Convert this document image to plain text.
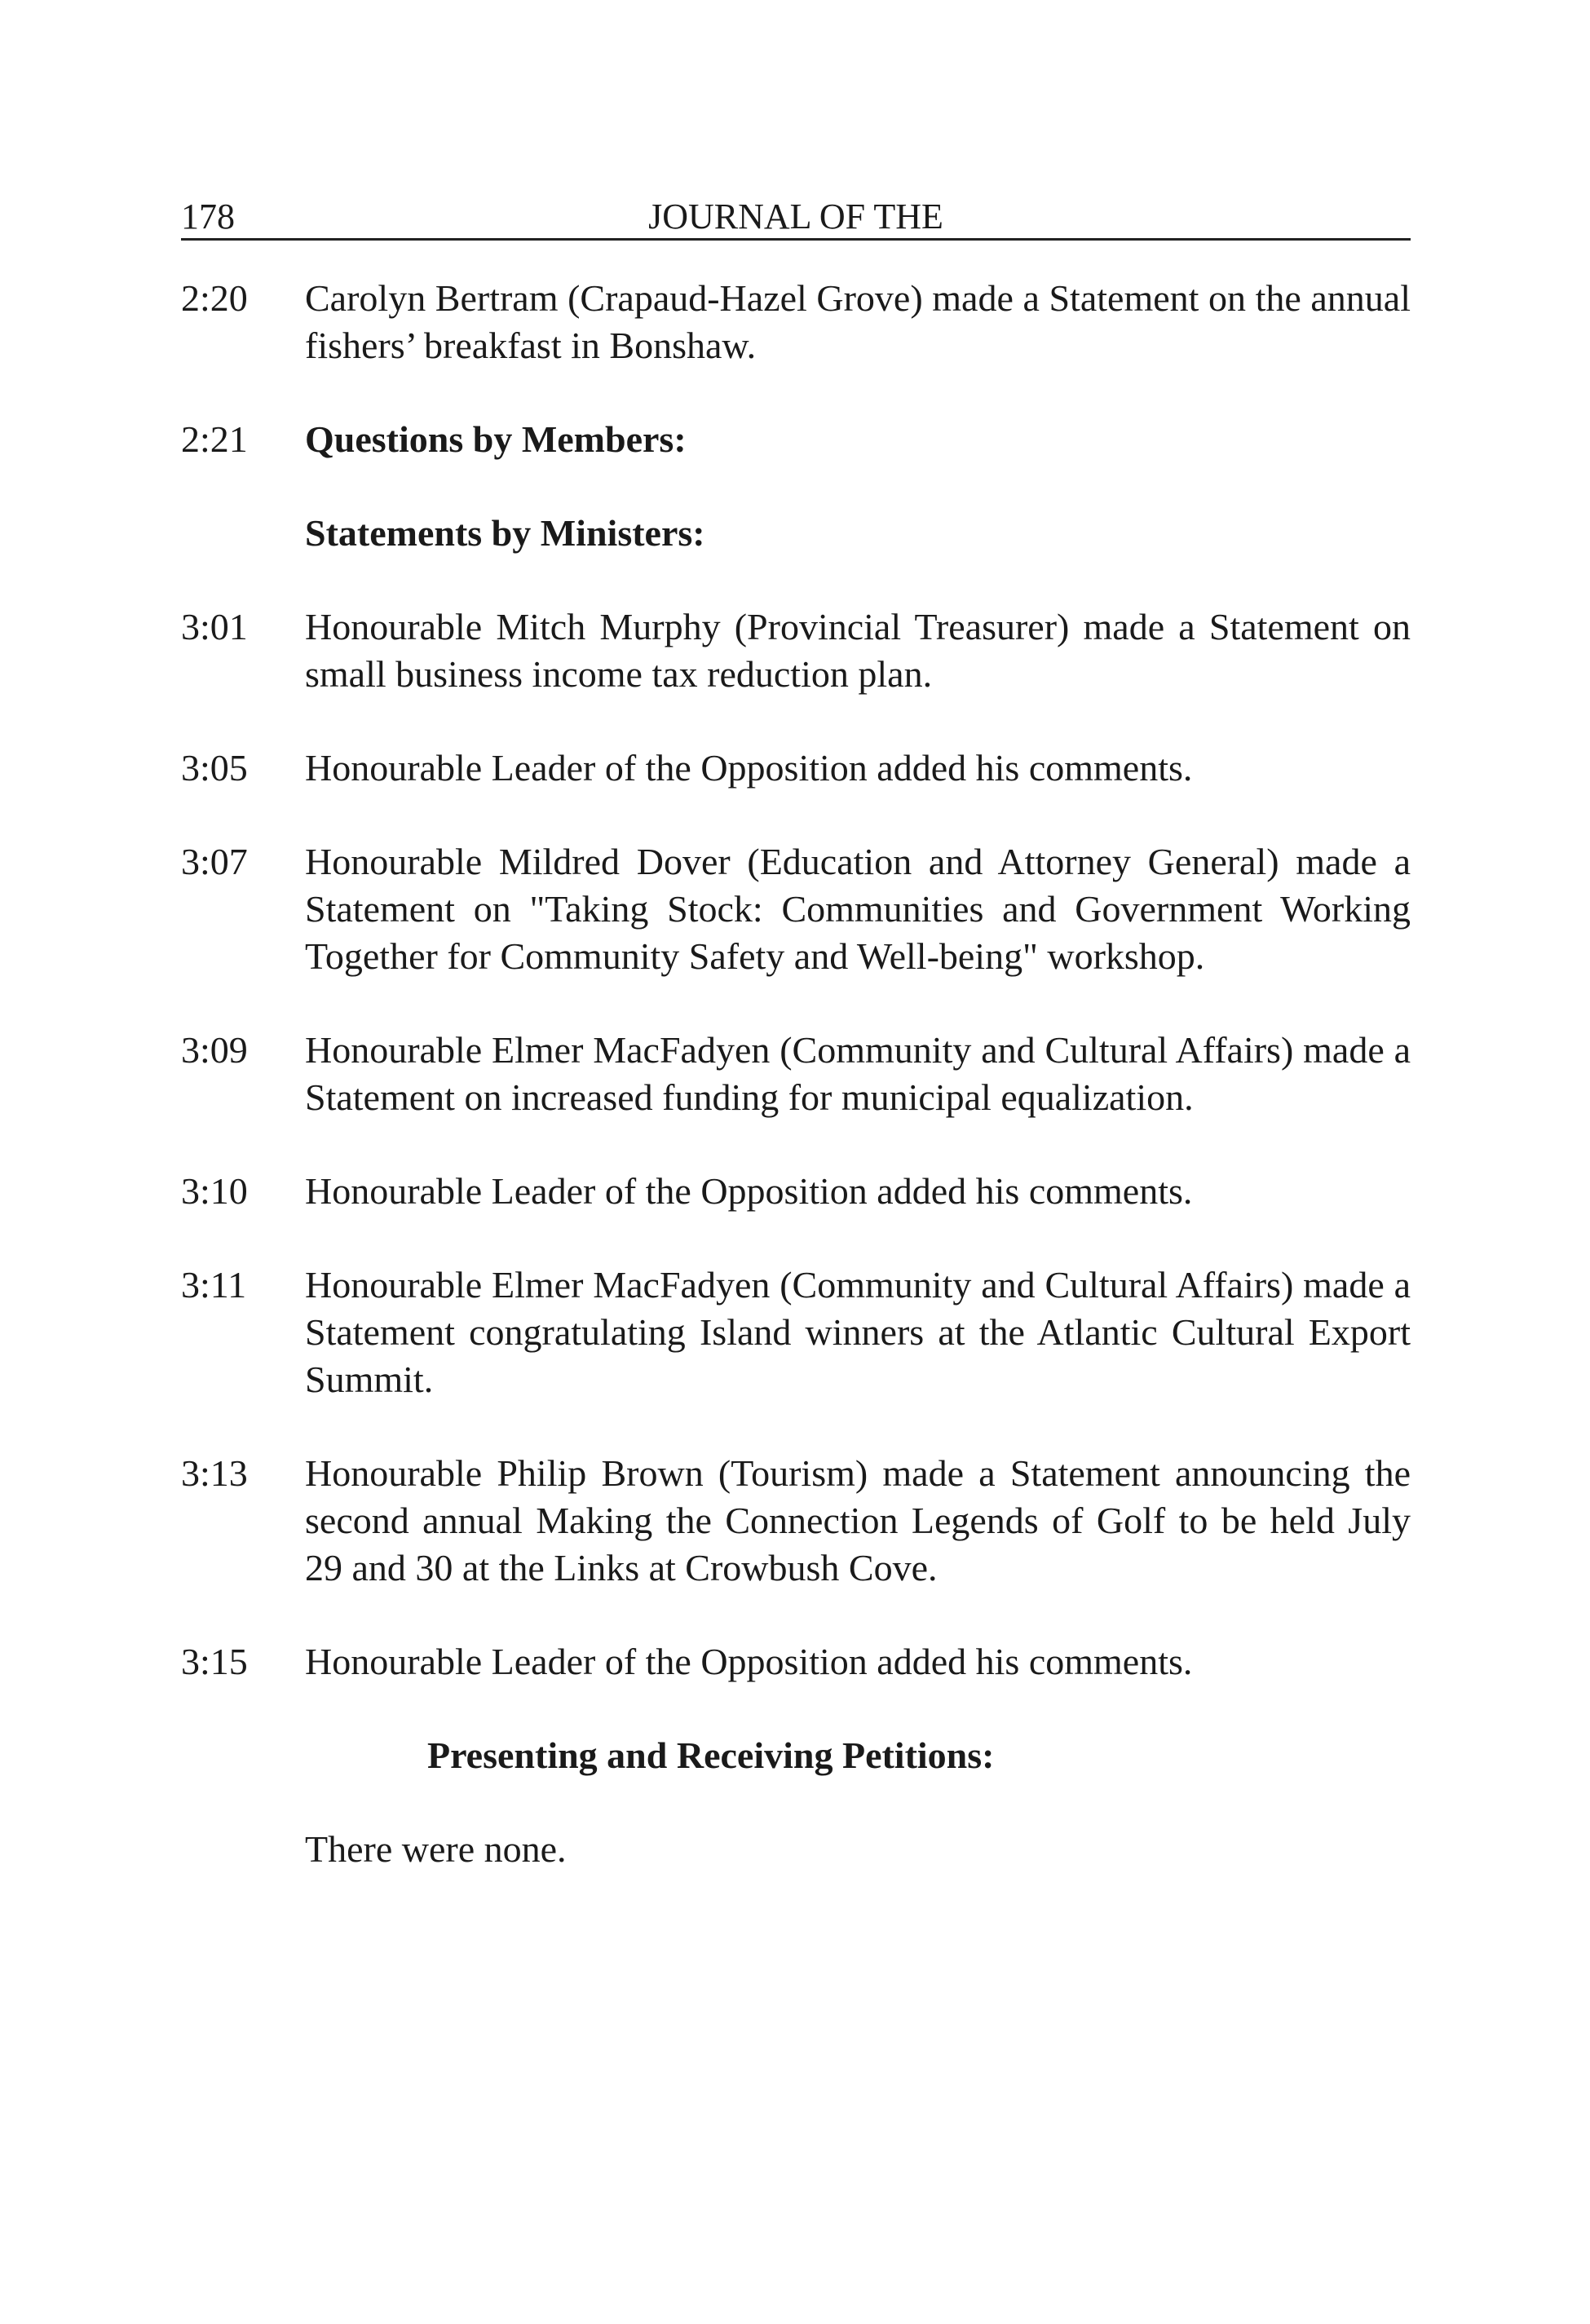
178	JOURNAL OF THE
2:20	Carolyn Bertram (Crapaud-Hazel Grove) made a Statement on the annual fishers’ breakfast in Bonshaw.
2:21	Questions by Members:
Statements by Ministers:
3:01	Honourable Mitch Murphy (Provincial Treasurer) made a Statement on small business income tax reduction plan.
3:05	Honourable Leader of the Opposition added his comments.
3:07	Honourable Mildred Dover (Education and Attorney General) made a Statement on "Taking Stock: Communities and Government Working Together for Community Safety and Well-being" workshop.
3:09	Honourable Elmer MacFadyen (Community and Cultural Affairs) made a Statement on increased funding for municipal equalization.
3:10	Honourable Leader of the Opposition added his comments.
3:11	Honourable Elmer MacFadyen (Community and Cultural Affairs) made a Statement congratulating Island winners at the Atlantic Cultural Export Summit.
3:13	Honourable Philip Brown (Tourism) made a Statement announcing the second annual Making the Connection Legends of Golf to be held July 29 and 30 at the Links at Crowbush Cove.
3:15	Honourable Leader of the Opposition added his comments.
Presenting and Receiving Petitions:
There were none.
